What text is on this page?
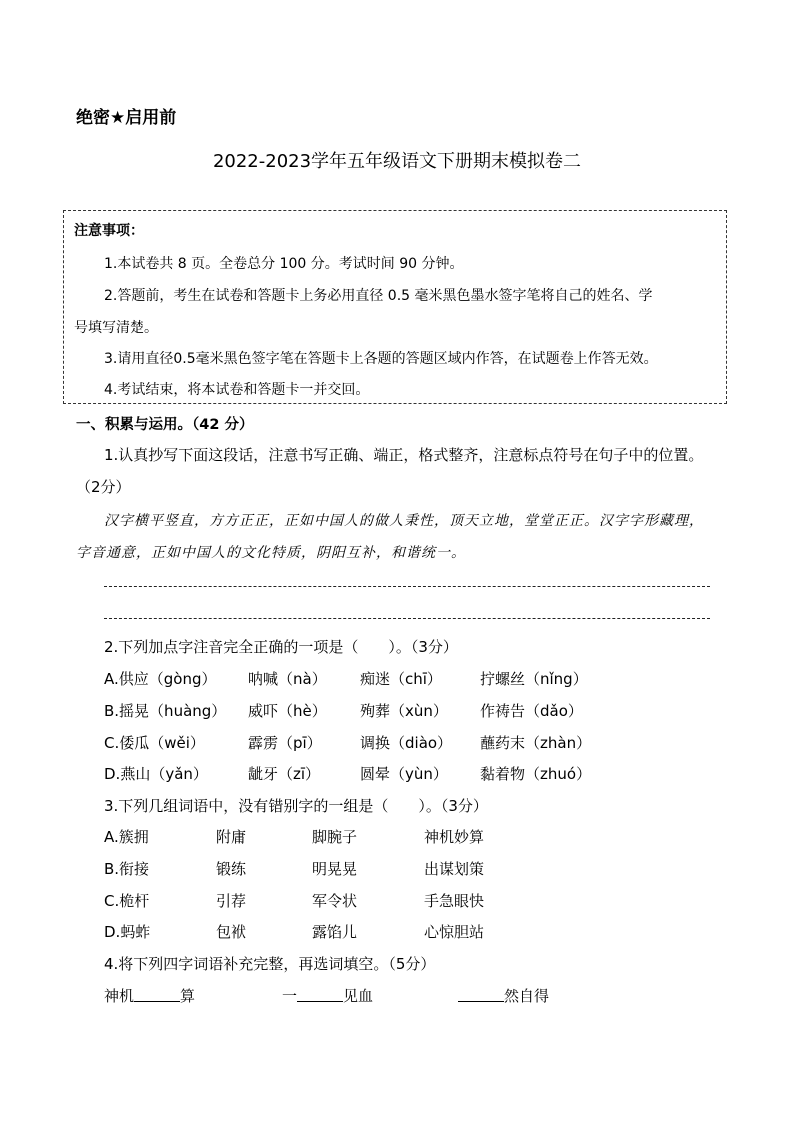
绝密★启用前
2022-2023学年五年级语文下册期末模拟卷二
注意事项：
1.本试卷共 8 页。全卷总分 100 分。考试时间 90 分钟。
2.答题前，考生在试卷和答题卡上务必用直径 0.5 毫米黑色墨水签字笔将自己的姓名、学
号填写清楚。
3.请用直径0.5毫米黑色签字笔在答题卡上各题的答题区域内作答，在试题卷上作答无效。
4.考试结束，将本试卷和答题卡一并交回。
一、积累与运用。（42 分）
1.认真抄写下面这段话，注意书写正确、端正，格式整齐，注意标点符号在句子中的位置。
（2分）
汉字横平竖直，方方正正，正如中国人的做人秉性，顶天立地，堂堂正正。汉字字形藏理，
字音通意，正如中国人的文化特质，阴阳互补，和谐统一。
2.下列加点字注音完全正确的一项是（　　）。（3分）
A.供应（gòng） 呐喊（nà） 痴迷（chī）	拧螺丝（nǐng）
B.摇晃（huàng） 威吓（hè） 殉葬（xùn） 作祷告（dǎo）
C.倭瓜（wěi）	霹雳（pī）	调换（diào） 蘸药末（zhàn）
D.燕山（yǎn）	龇牙（zī）	圆晕（yùn） 黏着物（zhuó）
3.下列几组词语中，没有错别字的一组是（　　）。（3分）
A.簇拥	附庸	脚腕子	神机妙算
B.衔接	锻练	明晃晃	出谋划策
C.桅杆	引荐	军令状	手急眼快
D.蚂蚱	包袱	露馅儿	心惊胆站
4.将下列四字词语补充完整，再选词填空。（5分）
神机	算	一	见血	然自得
